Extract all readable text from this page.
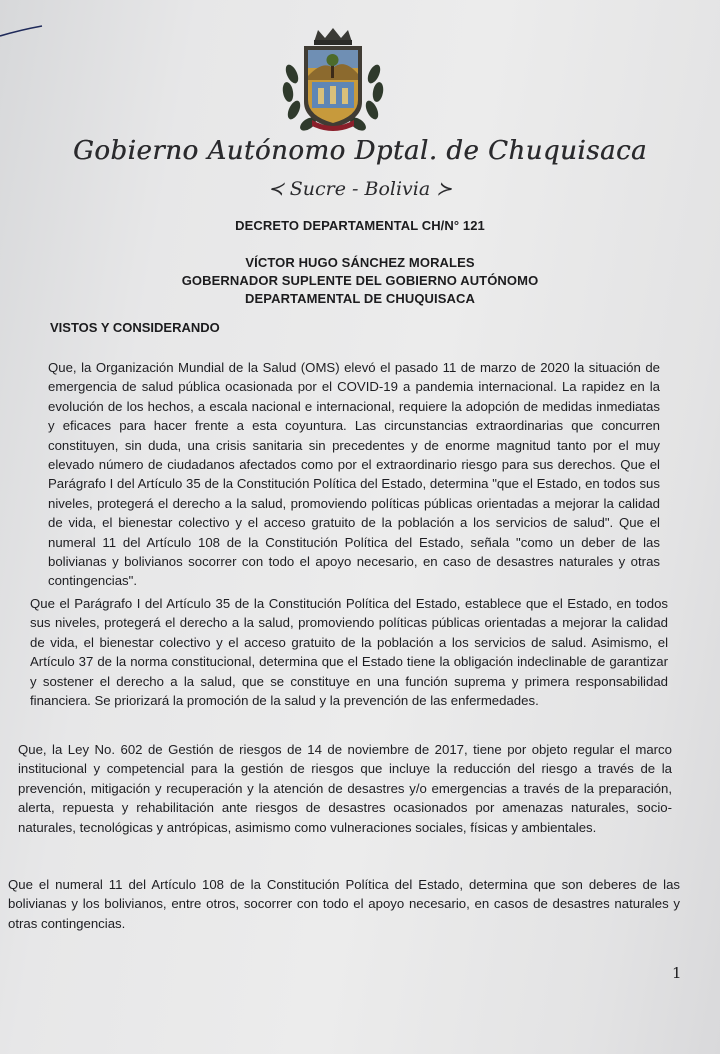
Gobierno Autónomo Dptal. de Chuquisaca
≺ Sucre - Bolivia ≻
DECRETO DEPARTAMENTAL CH/N° 121
VÍCTOR HUGO SÁNCHEZ MORALES
GOBERNADOR SUPLENTE DEL GOBIERNO AUTÓNOMO
DEPARTAMENTAL DE CHUQUISACA
VISTOS Y CONSIDERANDO

Que, la Organización Mundial de la Salud (OMS) elevó el pasado 11 de marzo de 2020 la situación de emergencia de salud pública ocasionada por el COVID-19 a pandemia internacional. La rapidez en la evolución de los hechos, a escala nacional e internacional, requiere la adopción de medidas inmediatas y eficaces para hacer frente a esta coyuntura. Las circunstancias extraordinarias que concurren constituyen, sin duda, una crisis sanitaria sin precedentes y de enorme magnitud tanto por el muy elevado número de ciudadanos afectados como por el extraordinario riesgo para sus derechos. Que el Parágrafo I del Artículo 35 de la Constitución Política del Estado, determina "que el Estado, en todos sus niveles, protegerá el derecho a la salud, promoviendo políticas públicas orientadas a mejorar la calidad de vida, el bienestar colectivo y el acceso gratuito de la población a los servicios de salud". Que el numeral 11 del Artículo 108 de la Constitución Política del Estado, señala "como un deber de las bolivianas y bolivianos socorrer con todo el apoyo necesario, en caso de desastres naturales y otras contingencias".

Que el Parágrafo I del Artículo 35 de la Constitución Política del Estado, establece que el Estado, en todos sus niveles, protegerá el derecho a la salud, promoviendo políticas públicas orientadas a mejorar la calidad de vida, el bienestar colectivo y el acceso gratuito de la población a los servicios de salud. Asimismo, el Artículo 37 de la norma constitucional, determina que el Estado tiene la obligación indeclinable de garantizar y sostener el derecho a la salud, que se constituye en una función suprema y primera responsabilidad financiera. Se priorizará la promoción de la salud y la prevención de las enfermedades.

Que, la Ley No. 602 de Gestión de riesgos de 14 de noviembre de 2017, tiene por objeto regular el marco institucional y competencial para la gestión de riesgos que incluye la reducción del riesgo a través de la prevención, mitigación y recuperación y la atención de desastres y/o emergencias a través de la preparación, alerta, repuesta y rehabilitación ante riesgos de desastres ocasionados por amenazas naturales, socio-naturales, tecnológicas y antrópicas, asimismo como vulneraciones sociales, físicas y ambientales.

Que el numeral 11 del Artículo 108 de la Constitución Política del Estado, determina que son deberes de las bolivianas y los bolivianos, entre otros, socorrer con todo el apoyo necesario, en casos de desastres naturales y otras contingencias.

1
